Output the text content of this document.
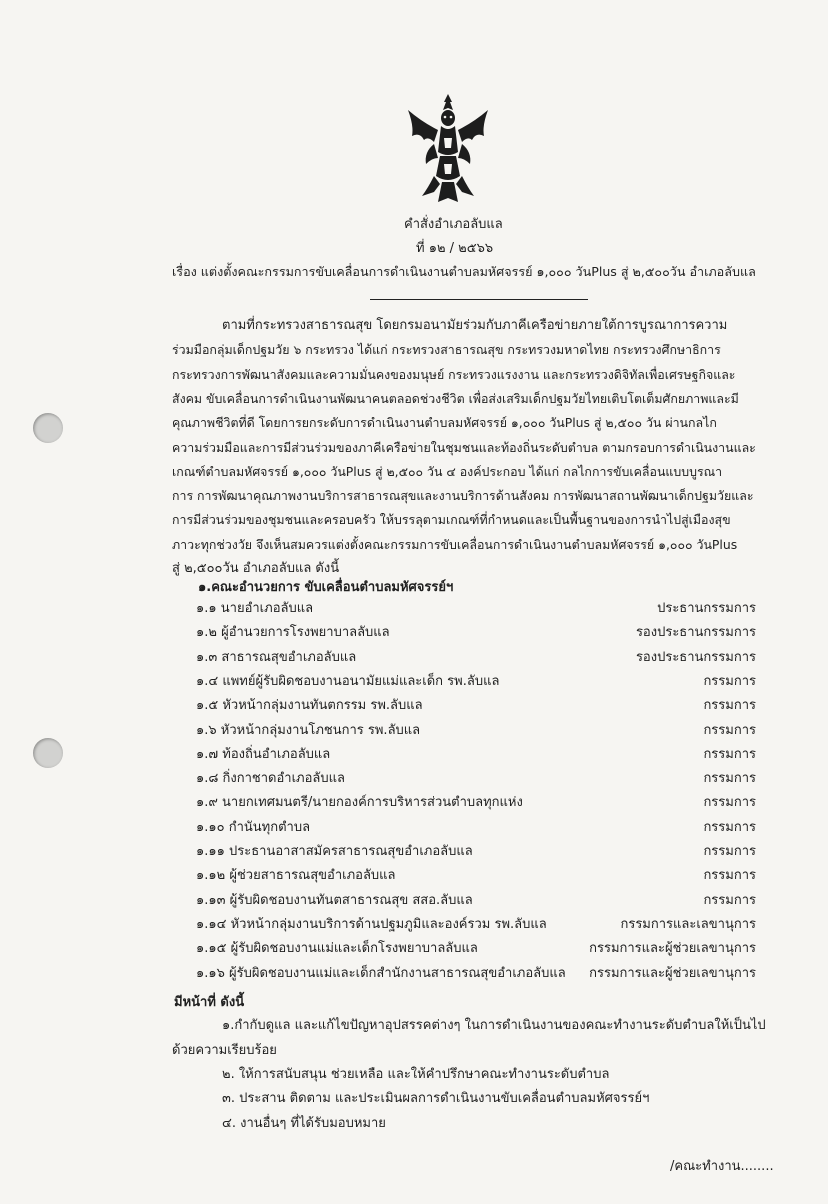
คำสั่งอำเภอลับแล
ที่ ๑๒ / ๒๕๖๖
เรื่อง แต่งตั้งคณะกรรมการขับเคลื่อนการดำเนินงานตำบลมหัศจรรย์ ๑,๐๐๐ วันPlus สู่ ๒,๕๐๐วัน อำเภอลับแล
ตามที่กระทรวงสาธารณสุข โดยกรมอนามัยร่วมกับภาคีเครือข่ายภายใต้การบูรณาการความ
ร่วมมือกลุ่มเด็กปฐมวัย ๖ กระทรวง ได้แก่ กระทรวงสาธารณสุข กระทรวงมหาดไทย กระทรวงศึกษาธิการ
กระทรวงการพัฒนาสังคมและความมั่นคงของมนุษย์ กระทรวงแรงงาน และกระทรวงดิจิทัลเพื่อเศรษฐกิจและ
สังคม ขับเคลื่อนการดำเนินงานพัฒนาคนตลอดช่วงชีวิต เพื่อส่งเสริมเด็กปฐมวัยไทยเติบโตเต็มศักยภาพและมี
คุณภาพชีวิตที่ดี โดยการยกระดับการดำเนินงานตำบลมหัศจรรย์ ๑,๐๐๐ วันPlus สู่ ๒,๕๐๐ วัน ผ่านกลไก
ความร่วมมือและการมีส่วนร่วมของภาคีเครือข่ายในชุมชนและท้องถิ่นระดับตำบล ตามกรอบการดำเนินงานและ
เกณฑ์ตำบลมหัศจรรย์ ๑,๐๐๐ วันPlus สู่ ๒,๕๐๐ วัน ๔ องค์ประกอบ ได้แก่ กลไกการขับเคลื่อนแบบบูรณา
การ การพัฒนาคุณภาพงานบริการสาธารณสุขและงานบริการด้านสังคม การพัฒนาสถานพัฒนาเด็กปฐมวัยและ
การมีส่วนร่วมของชุมชนและครอบครัว ให้บรรลุตามเกณฑ์ที่กำหนดและเป็นพื้นฐานของการนำไปสู่เมืองสุข
ภาวะทุกช่วงวัย จึงเห็นสมควรแต่งตั้งคณะกรรมการขับเคลื่อนการดำเนินงานตำบลมหัศจรรย์ ๑,๐๐๐ วันPlus
สู่ ๒,๕๐๐วัน อำเภอลับแล ดังนี้
๑.คณะอำนวยการ ขับเคลื่อนตำบลมหัศจรรย์ฯ
๑.๑ นายอำเภอลับแล	ประธานกรรมการ
๑.๒ ผู้อำนวยการโรงพยาบาลลับแล	รองประธานกรรมการ
๑.๓ สาธารณสุขอำเภอลับแล	รองประธานกรรมการ
๑.๔ แพทย์ผู้รับผิดชอบงานอนามัยแม่และเด็ก รพ.ลับแล	กรรมการ
๑.๕ หัวหน้ากลุ่มงานทันตกรรม รพ.ลับแล	กรรมการ
๑.๖ หัวหน้ากลุ่มงานโภชนการ รพ.ลับแล	กรรมการ
๑.๗ ท้องถิ่นอำเภอลับแล	กรรมการ
๑.๘ กิ่งกาชาดอำเภอลับแล	กรรมการ
๑.๙ นายกเทศมนตรี/นายกองค์การบริหารส่วนตำบลทุกแห่ง	กรรมการ
๑.๑๐ กำนันทุกตำบล	กรรมการ
๑.๑๑ ประธานอาสาสมัครสาธารณสุขอำเภอลับแล	กรรมการ
๑.๑๒ ผู้ช่วยสาธารณสุขอำเภอลับแล	กรรมการ
๑.๑๓ ผู้รับผิดชอบงานทันตสาธารณสุข สสอ.ลับแล	กรรมการ
๑.๑๔ หัวหน้ากลุ่มงานบริการด้านปฐมภูมิและองค์รวม รพ.ลับแล	กรรมการและเลขานุการ
๑.๑๕ ผู้รับผิดชอบงานแม่และเด็กโรงพยาบาลลับแล	กรรมการและผู้ช่วยเลขานุการ
๑.๑๖ ผู้รับผิดชอบงานแม่และเด็กสำนักงานสาธารณสุขอำเภอลับแล กรรมการและผู้ช่วยเลขานุการ
มีหน้าที่ ดังนี้
๑.กำกับดูแล และแก้ไขปัญหาอุปสรรคต่างๆ ในการดำเนินงานของคณะทำงานระดับตำบลให้เป็นไป
ด้วยความเรียบร้อย
๒. ให้การสนับสนุน ช่วยเหลือ และให้คำปรึกษาคณะทำงานระดับตำบล
๓. ประสาน ติดตาม และประเมินผลการดำเนินงานขับเคลื่อนตำบลมหัศจรรย์ฯ
๔. งานอื่นๆ ที่ได้รับมอบหมาย
/คณะทำงาน........
